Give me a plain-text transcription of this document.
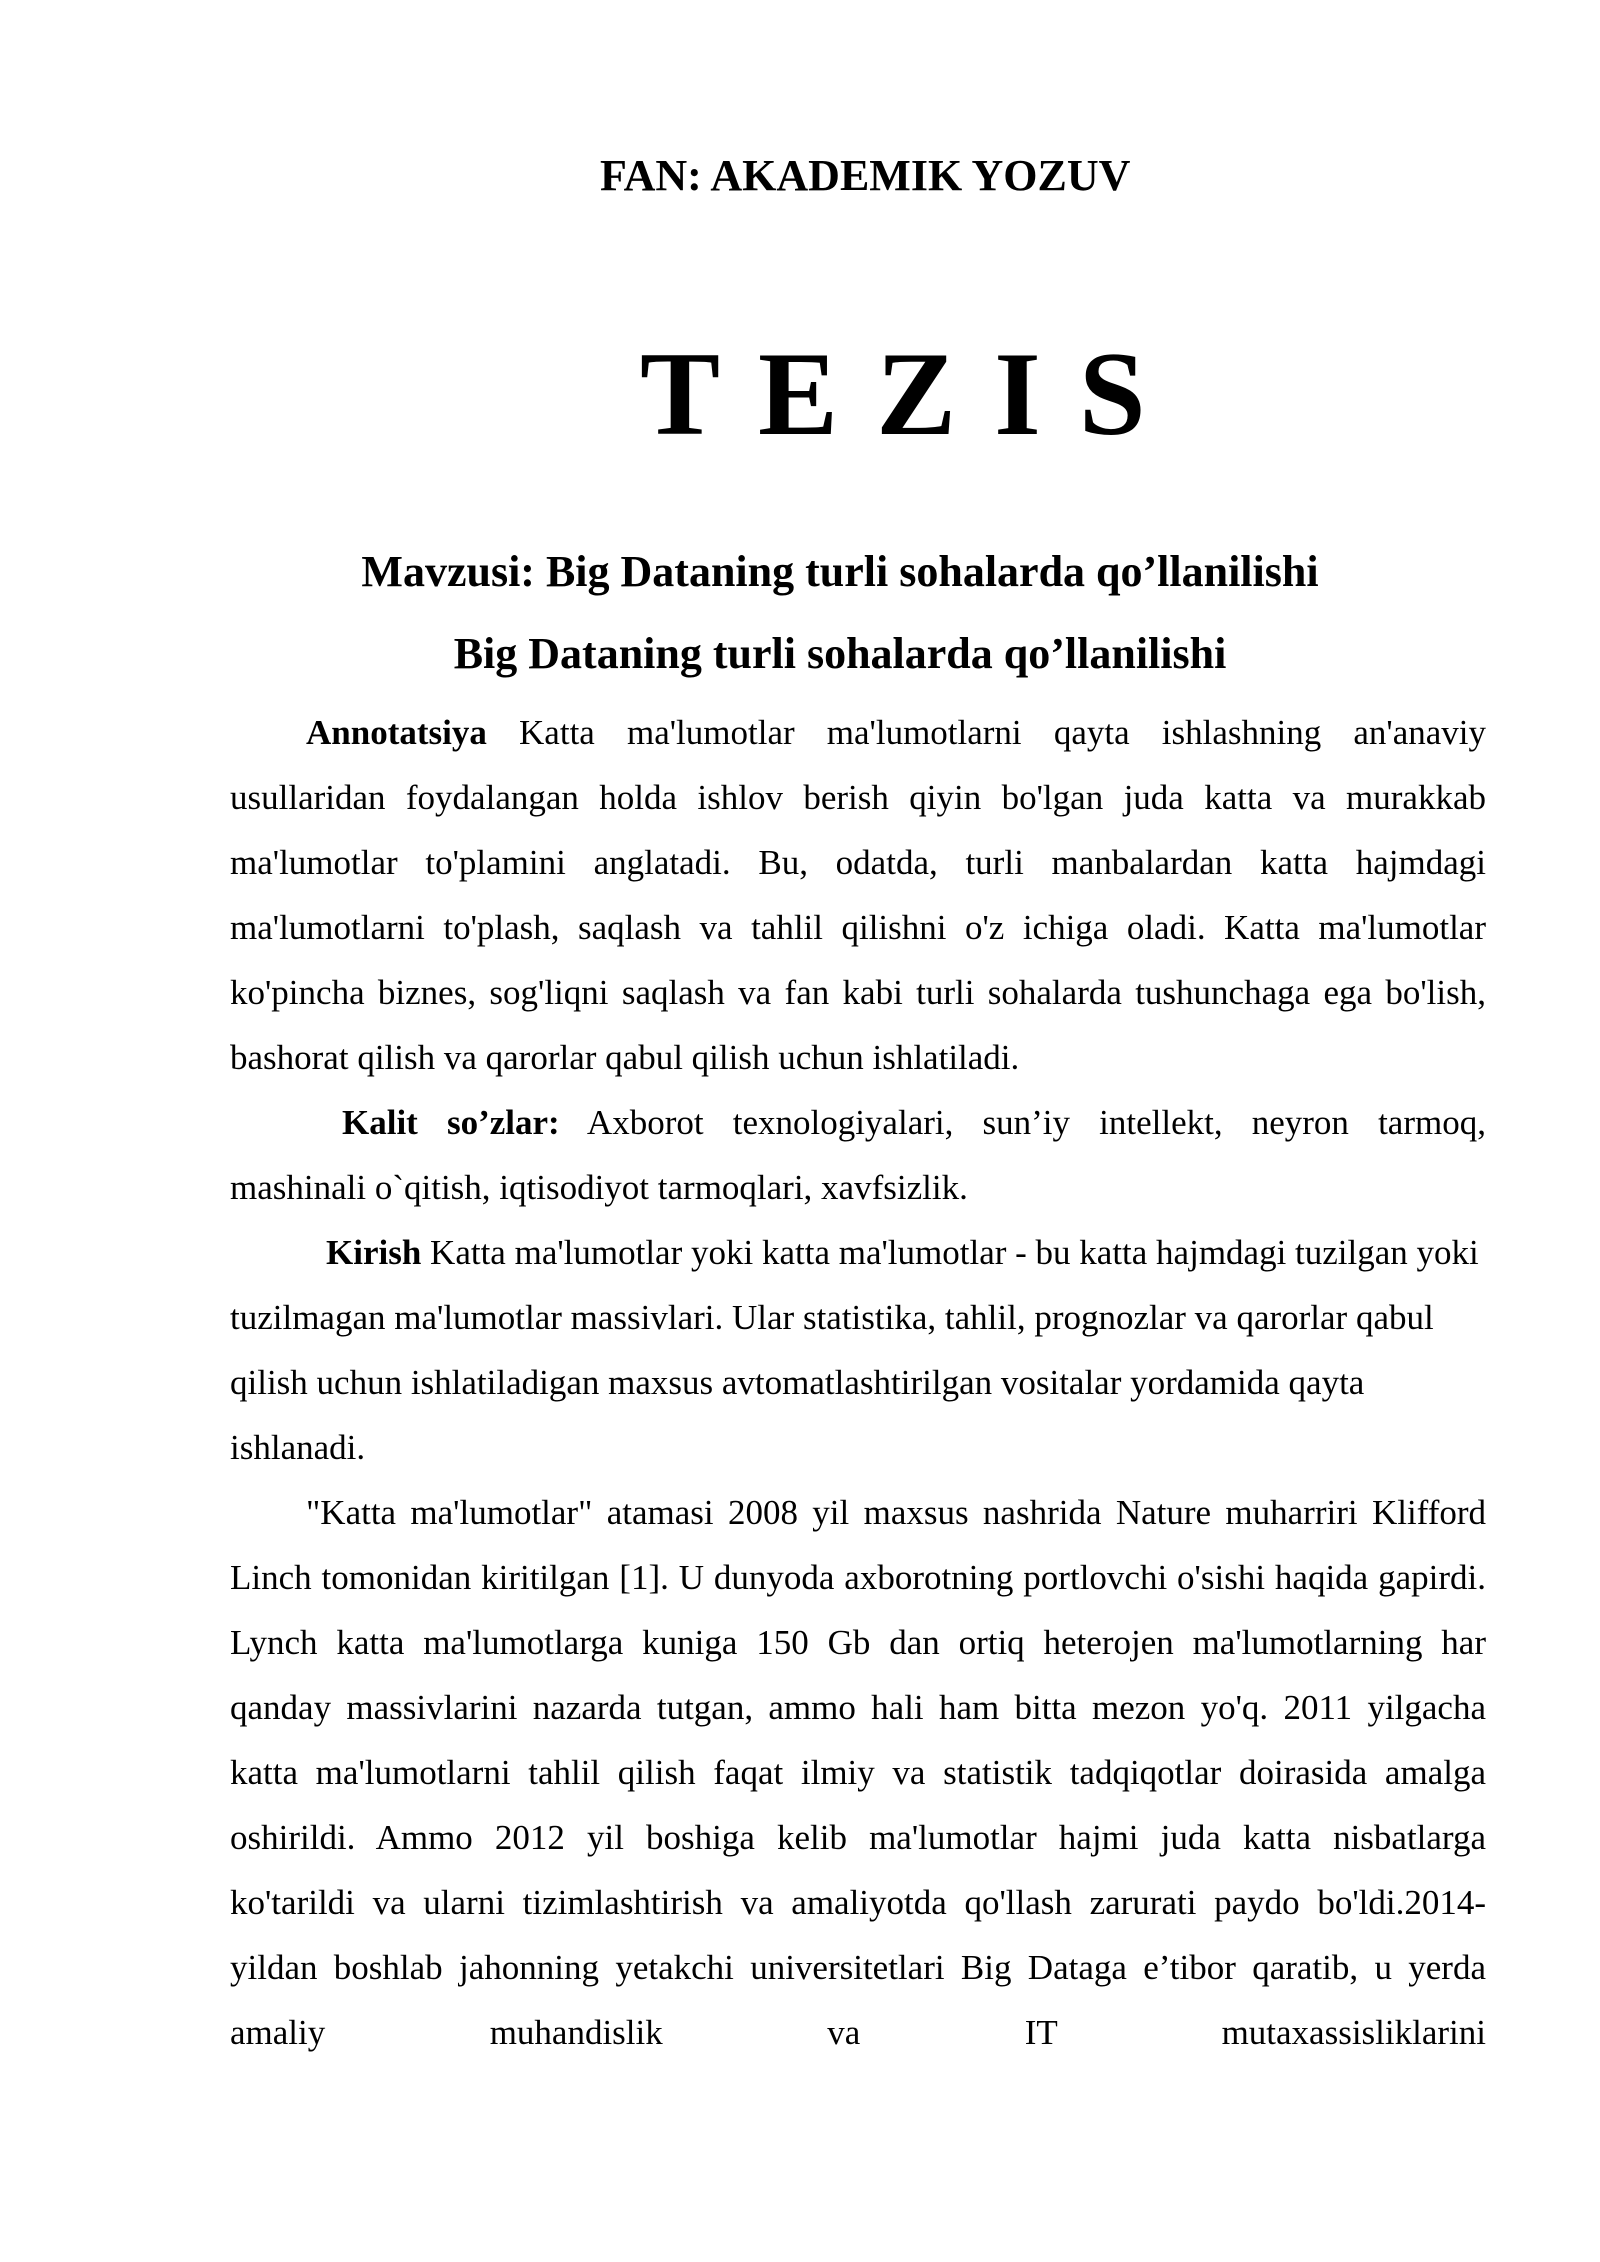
FAN: AKADEMIK YOZUV
TEZIS
Mavzusi: Big Dataning turli sohalarda qo’llanilishi
Big Dataning turli sohalarda qo’llanilishi

Annotatsiya Katta ma'lumotlar ma'lumotlarni qayta ishlashning an'anaviy usullaridan foydalangan holda ishlov berish qiyin bo'lgan juda katta va murakkab ma'lumotlar to'plamini anglatadi. Bu, odatda, turli manbalardan katta hajmdagi ma'lumotlarni to'plash, saqlash va tahlil qilishni o'z ichiga oladi. Katta ma'lumotlar ko'pincha biznes, sog'liqni saqlash va fan kabi turli sohalarda tushunchaga ega bo'lish, bashorat qilish va qarorlar qabul qilish uchun ishlatiladi.

Kalit so’zlar: Axborot texnologiyalari, sun’iy intellekt, neyron tarmoq, mashinali o`qitish, iqtisodiyot tarmoqlari, xavfsizlik.

Kirish Katta ma'lumotlar yoki katta ma'lumotlar - bu katta hajmdagi tuzilgan yoki tuzilmagan ma'lumotlar massivlari. Ular statistika, tahlil, prognozlar va qarorlar qabul qilish uchun ishlatiladigan maxsus avtomatlashtirilgan vositalar yordamida qayta ishlanadi.

"Katta ma'lumotlar" atamasi 2008 yil maxsus nashrida Nature muharriri Klifford Linch tomonidan kiritilgan [1]. U dunyoda axborotning portlovchi o'sishi haqida gapirdi. Lynch katta ma'lumotlarga kuniga 150 Gb dan ortiq heterojen ma'lumotlarning har qanday massivlarini nazarda tutgan, ammo hali ham bitta mezon yo'q. 2011 yilgacha katta ma'lumotlarni tahlil qilish faqat ilmiy va statistik tadqiqotlar doirasida amalga oshirildi. Ammo 2012 yil boshiga kelib ma'lumotlar hajmi juda katta nisbatlarga ko'tarildi va ularni tizimlashtirish va amaliyotda qo'llash zarurati paydo bo'ldi.2014-yildan boshlab jahonning yetakchi universitetlari Big Dataga e’tibor qaratib, u yerda amaliy muhandislik va IT mutaxassisliklarini
